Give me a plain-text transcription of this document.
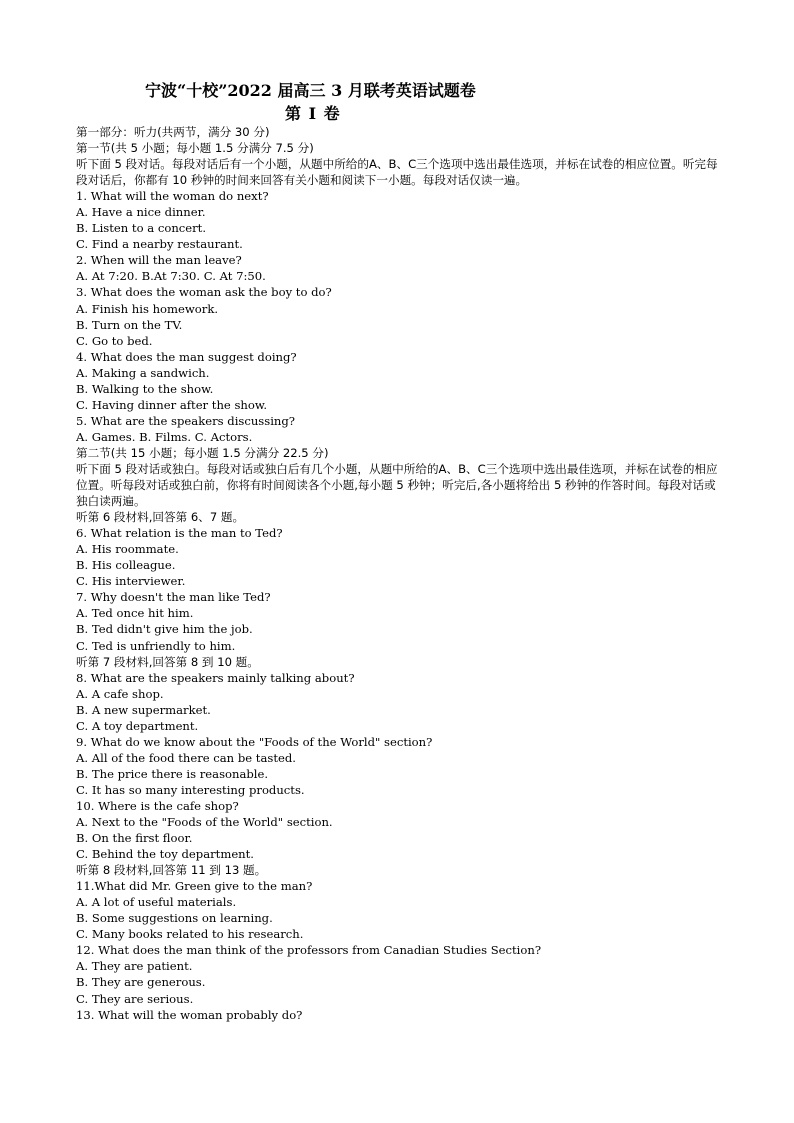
宁波“十校”2022 届高三 3 月联考英语试题卷
第 I 卷
第一部分：听力(共两节，满分 30 分)
第一节(共 5 小题；每小题 1.5 分满分 7.5 分)
听下面 5 段对话。每段对话后有一个小题，从题中所给的A、B、C三个选项中选出最佳选项，并标在试卷的相应位置。听完每段对话后，你都有 10 秒钟的时间来回答有关小题和阅读下一小题。每段对话仅读一遍。
1. What will the woman do next?
A. Have a nice dinner.
B. Listen to a concert.
C. Find a nearby restaurant.
2. When will the man leave?
A. At 7:20. B.At 7:30. C. At 7:50.
3. What does the woman ask the boy to do?
A. Finish his homework.
B. Turn on the TV.
C. Go to bed.
4. What does the man suggest doing?
A. Making a sandwich.
B. Walking to the show.
C. Having dinner after the show.
5. What are the speakers discussing?
A. Games. B. Films. C. Actors.
第二节(共 15 小题；每小题 1.5 分满分 22.5 分)
听下面 5 段对话或独白。每段对话或独白后有几个小题，从题中所给的A、B、C三个选项中选出最佳选项，并标在试卷的相应位置。听每段对话或独白前，你将有时间阅读各个小题,每小题 5 秒钟；听完后,各小题将给出 5 秒钟的作答时间。每段对话或独白读两遍。
听第 6 段材料,回答第 6、7 题。
6. What relation is the man to Ted?
A. His roommate.
B. His colleague.
C. His interviewer.
7. Why doesn't the man like Ted?
A. Ted once hit him.
B. Ted didn't give him the job.
C. Ted is unfriendly to him.
听第 7 段材料,回答第 8 到 10 题。
8. What are the speakers mainly talking about?
A. A cafe shop.
B. A new supermarket.
C. A toy department.
9. What do we know about the "Foods of the World" section?
A. All of the food there can be tasted.
B. The price there is reasonable.
C. It has so many interesting products.
10. Where is the cafe shop?
A. Next to the "Foods of the World" section.
B. On the first floor.
C. Behind the toy department.
听第 8 段材料,回答第 11 到 13 题。
11.What did Mr. Green give to the man?
A. A lot of useful materials.
B. Some suggestions on learning.
C. Many books related to his research.
12. What does the man think of the professors from Canadian Studies Section?
A. They are patient.
B. They are generous.
C. They are serious.
13. What will the woman probably do?
